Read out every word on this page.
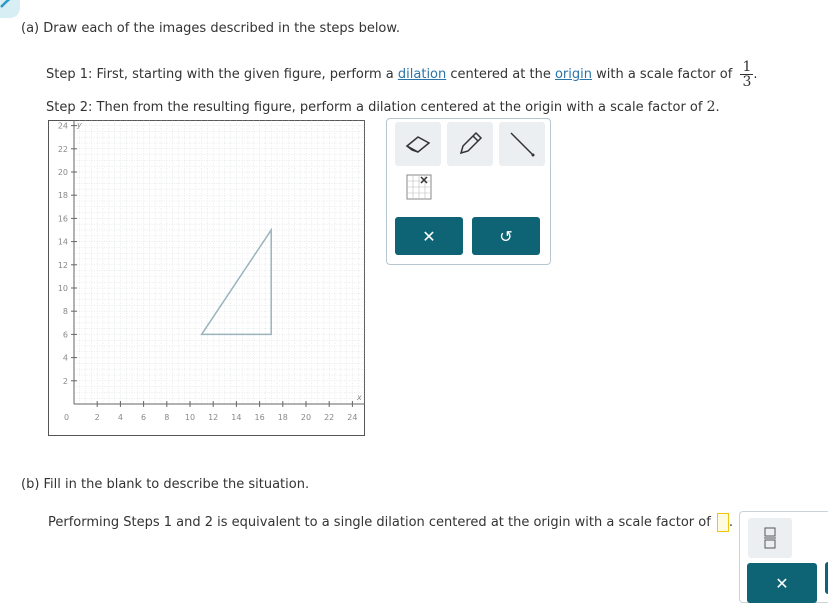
(a) Draw each of the images described in the steps below.
Step 1: First, starting with the given figure, perform a dilation centered at the origin with a scale factor of $\frac{1}{3}$ .
Step 2: Then from the resulting figure, perform a dilation centered at the origin with a scale factor of 2.
2 4 6 8 10 12 14 16 18 20 22 24
2
4
6
8
10
12
14
16
18
20
22
24
x
y
0
✕	↺
(b) Fill in the blank to describe the situation.
Performing Steps 1 and 2 is equivalent to a single dilation centered at the origin with a scale factor of .
✕
